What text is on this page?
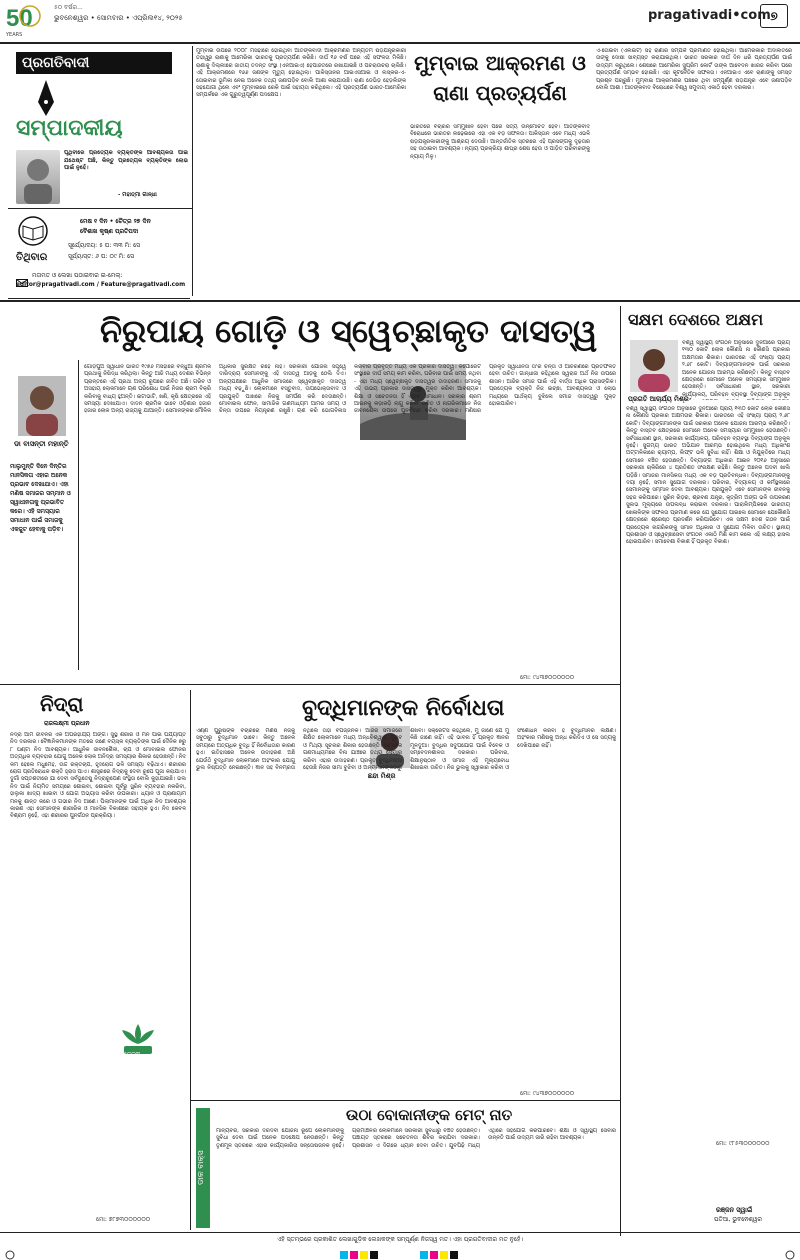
50
YEARS
୫୦ ବର୍ଷର...
ଭୁବନେଶ୍ୱର • ସୋମବାର • ଏପ୍ରିଲ୧୪, ୨୦୨୫	pragativadi•com ୭
ପ୍ରଗତିବାଦୀ
ସମ୍ପାଦକୀୟ
ପୃଥିବୀରେ ପ୍ରତ୍ୟେକ ବ୍ୟକ୍ତିଙ୍କ ଆବଶ୍ୟକତା ପାଇଁ ଯଥେଷ୍ଟ ଅଛି, କିନ୍ତୁ ପ୍ରତ୍ୟେକ ବ୍ୟକ୍ତିଙ୍କ ଲୋଭ ପାଇଁ ନୁହେଁ।
- ମହାତ୍ମା ଗାନ୍ଧୀ
ତିଥିବାର
ମେଷ ୧ ଦିନ • ଚୈତ୍ର ୨୭ ଦିନ
ବୈଶାଖ କୃଷ୍ଣ ପ୍ରତିପଦା
ସୂର୍ଯ୍ୟୋଦୟ: ୫ ଘ: ୩୩ ମି: ସେ
ସୂର୍ଯ୍ୟାସ୍ତ: ୬ ଘ: ୦୯ ମି: ସେ
ମତାମତ ଓ ଲେଖା ପଠାଇବାର ଇ-ମେଲ୍:
editor@pragativadi.com / Feature@pragativadi.com
ମୁମ୍ବାଇ ଉପରେ ୨୦୦୮ ମସିହାରେ ହୋଇଥିବା ଆତଙ୍କବାଦୀ ଆକ୍ରମଣର ଅନ୍ୟତମ ଷଡ଼ଯନ୍ତ୍ରକାରୀ ତହାୱୁର ରାଣାକୁ ଆମେରିକା ଭାରତକୁ ପ୍ରତ୍ୟର୍ପଣ କରିଛି। ଦୀର୍ଘ ୧୬ ବର୍ଷ ପରେ ଏହି ସଫଳତା ମିଳିଛି। ରାଣାକୁ ଦିଲ୍ଲୀରେ ଜାତୀୟ ତଦନ୍ତ ସଂସ୍ଥା (ଏନଆଇଏ) ହେପାଜତରେ ରଖାଯାଇଛି ଓ ପଚରାଉଚରା ଚାଲିଛି। ଏହି ଆକ୍ରମଣରେ ୧୬୬ ଜଣଙ୍କ ମୃତ୍ୟୁ ହୋଇଥିଲା। ପାକିସ୍ତାନର ଆଇଏସଆଇ ଓ ଲସ୍କର-ଏ-ତୋଇବାର ଭୂମିକା ନେଇ ଅନେକ ତଥ୍ୟ ଜଣାପଡ଼ିବ ବୋଲି ଆଶା କରାଯାଉଛି। ରାଣା ଡେଭିଡ଼ ହେଡ଼ଲିଙ୍କ ସହଯୋଗୀ ଥିଲେ ଏବଂ ମୁମ୍ବାଇରେ ରେକି ପାଇଁ ସହାୟତା କରିଥିଲେ। ଏହି ପ୍ରତ୍ୟର୍ପଣ ଭାରତ-ଆମେରିକା ସମ୍ପର୍କରେ ଏକ ଗୁରୁତ୍ୱପୂର୍ଣ୍ଣ ପଦକ୍ଷେପ।
ମୁମ୍ବାଇ ଆକ୍ରମଣ ଓ
ରାଣା ପ୍ରତ୍ୟର୍ପଣ
ଭାରତରେ ବିଚାରର ସମ୍ମୁଖୀନ ହେବା ପରେ ସତ୍ୟ ଉନ୍ମୋଚିତ ହେବ। ଆତଙ୍କବାଦ ବିରୋଧରେ ଭାରତର ଲଢ଼େଇରେ ଏହା ଏକ ବଡ଼ ସଫଳତା। ପାକିସ୍ତାନ ଏବେ ମଧ୍ୟ ଏଭଳି ଷଡ଼ଯନ୍ତ୍ରକାରୀଙ୍କୁ ଆଶ୍ରୟ ଦେଉଛି। ଆନ୍ତର୍ଜାତିକ ସ୍ତରରେ ଏହି ପ୍ରସଙ୍ଗକୁ ଦୃଢ଼ତାର ସହ ଉଠାଇବା ଆବଶ୍ୟକ। ନ୍ୟାୟ ପ୍ରକ୍ରିୟା ଶୀଘ୍ର ଶେଷ ହେଉ ଓ ପୀଡ଼ିତ ପରିବାରଙ୍କୁ ନ୍ୟାୟ ମିଳୁ।
ଏ-ତୋଇବା (ଏଲଇଟି) ସହ ରାଣାର ସମ୍ପର୍କ ପ୍ରମାଣିତ ହୋଇଥିଲା। ଆମେରିକାର ଅଦାଲତରେ ତାଙ୍କୁ ଦୋଷୀ ସାବ୍ୟସ୍ତ କରାଯାଇଥିଲା। ଭାରତ ସରକାର ଦୀର୍ଘ ଦିନ ଧରି ପ୍ରତ୍ୟର୍ପଣ ପାଇଁ ଉଦ୍ୟମ କରୁଥିଲେ। ଶେଷରେ ଆମେରିକା ସୁପ୍ରିମ କୋର୍ଟ ତାଙ୍କ ଆବେଦନ ଖାରଜ କରିବା ପରେ ପ୍ରତ୍ୟର୍ପଣ ସମ୍ଭବ ହୋଇଛି। ଏହା କୂଟନୈତିକ ସଫଳତା। ଏନଆଇଏ ଏବେ ରାଣାଙ୍କୁ ସମସ୍ତ ପ୍ରଶ୍ନ ପଚାରୁଛି। ମୁମ୍ବାଇ ଆକ୍ରମଣର ପଛରେ ଥିବା ସମ୍ପୂର୍ଣ୍ଣ ଷଡ଼ଯନ୍ତ୍ର ଏବେ ଜଣାପଡ଼ିବ ବୋଲି ଆଶା। ଆତଙ୍କବାଦ ବିରୋଧରେ ବିଶ୍ୱ ସମୁଦାୟ ଏକାଠି ହେବା ଦରକାର।
ନିରୁପାୟ ଗୋଡ଼ି ଓ ସ୍ୱେଚ୍ଛାକୃତ ଦାସତ୍ୱ
ଡା ବାସନ୍ତୀ ମହାନ୍ତି
ମାଲୁମୁନ୍ତି ଦିନେ ଦିନ୍ତିର ମାନସିକତା ଏହାର ଅନେକ ପ୍ରଭାବ ଦେଖାଯାଏ। ଏହା ମଣିଷ ସମାଜର ସମ୍ମାନ ଓ ସ୍ୱାଧୀନତାକୁ ପ୍ରଭାବିତ କରେ। ଏହି ସମସ୍ୟାର ସମାଧାନ ପାଇଁ ସମାଜକୁ ଏକଜୁଟ ହେବାକୁ ପଡ଼ିବ।

ଗୋଡ଼ିପୁଅ ସ୍ୱାଧୀନ ଭାରତ ୧୯୭୬ ମସିହାରେ ବନ୍ଧୁଆ ଶ୍ରମିକ ପ୍ରଥାକୁ ନିଷିଦ୍ଧ କରିଥିଲା। କିନ୍ତୁ ଆଜି ମଧ୍ୟ ଦେଶର ବିଭିନ୍ନ ପ୍ରାନ୍ତରେ ଏହି ପ୍ରଥା ଅନ୍ୟ ରୂପରେ ଜୀବିତ ଅଛି। ଗରିବ ଓ ଅସହାୟ ଲୋକମାନେ ଋଣ ପରିଶୋଧ ପାଇଁ ନିଜର ଶ୍ରମ ବିକ୍ରି କରିବାକୁ ବାଧ୍ୟ ହୁଅନ୍ତି। ଇଟାଭାଟି, ଖଣି, କୃଷି କ୍ଷେତ୍ରରେ ଏହି ସମସ୍ୟା ଦେଖାଯାଏ। ଦାଦନ ଶ୍ରମିକ ଭାବେ ଓଡ଼ିଶାର ହଜାର ହଜାର ଲୋକ ଅନ୍ୟ ରାଜ୍ୟକୁ ଯାଆନ୍ତି। ସେମାନଙ୍କର ମୌଳିକ ଅଧିକାର ସୁରକ୍ଷିତ ରହେ ନାହିଁ। ସରକାରୀ ଯୋଜନା ସତ୍ତ୍ୱେ ଦାରିଦ୍ର୍ୟ ସେମାନଙ୍କୁ ଏହି ଦାସତ୍ୱ ଆଡ଼କୁ ଠେଲି ଦିଏ। ଅନ୍ୟପକ୍ଷରେ ଆଧୁନିକ ସମାଜରେ ସ୍ୱେଚ୍ଛାକୃତ ଦାସତ୍ୱ ମଧ୍ୟ ବଢ଼ୁଛି। ଲୋକମାନେ ବସ୍ତୁବାଦ, ଉପଭୋକ୍ତାବାଦ ଓ ପ୍ରଯୁକ୍ତି ପାଖରେ ନିଜକୁ ସମର୍ପଣ କରି ଦେଉଛନ୍ତି। ମୋବାଇଲ ଫୋନ, ସାମାଜିକ ଗଣମାଧ୍ୟମ ଆମର ସମୟ ଓ ଚିନ୍ତା ଉପରେ ନିୟନ୍ତ୍ରଣ ରଖୁଛି। ଋଣ କରି ଭୋଗବିଳାସ କରିବାର ପ୍ରବୃତ୍ତି ମଧ୍ୟ ଏକ ପ୍ରକାର ଦାସତ୍ୱ। କର୍ପୋରେଟ ସଂସ୍ଥାରେ ଦୀର୍ଘ ସମୟ କାମ କରିବା, ପରିବାର ପାଇଁ ସମୟ ନଥିବା - ଏହା ମଧ୍ୟ ସ୍ୱେଚ୍ଛାକୃତ ଦାସତ୍ୱର ଉଦାହରଣ। ସମାଜକୁ ଏହି ଉଭୟ ପ୍ରକାର ଦାସତ୍ୱରୁ ମୁକ୍ତ କରିବା ଆବଶ୍ୟକ। ଶିକ୍ଷା ଓ ସଚେତନତା ହିଁ ଏହାର ସମାଧାନ। ସରକାର ଶ୍ରମ ଆଇନକୁ କଡ଼ାକଡ଼ି ଲାଗୁ କରିବା ଉଚିତ ଓ ନାଗରିକମାନେ ନିଜ ଜୀବନଶୈଳୀ ଉପରେ ପୁନର୍ବିଚାର କରିବା ଦରକାର। ମଣିଷର ପ୍ରକୃତ ସ୍ୱାଧୀନତା ତା'ର ଚିନ୍ତା ଓ ଆଚରଣରେ ପ୍ରତିଫଳିତ ହେବା ଉଚିତ। ଗାନ୍ଧୀଜୀ କହିଥିଲେ ସ୍ୱରାଜ ଅର୍ଥ ନିଜ ଉପରେ ଶାସନ। ଆଜିର ସମାଜ ପାଇଁ ଏହି ବାର୍ତ୍ତା ଅଧିକ ପ୍ରାସଙ୍ଗିକ। ପ୍ରତ୍ୟେକ ବ୍ୟକ୍ତି ନିଜ ଇଚ୍ଛା, ଆବଶ୍ୟକତା ଓ ଲୋଭ ମଧ୍ୟରେ ପାର୍ଥକ୍ୟ ବୁଝିଲେ ସମାଜ ଦାସତ୍ୱରୁ ମୁକ୍ତ ହୋଇପାରିବ।

ମୋ: ୯୪୩୭୦୦୦୦୦୦
ସକ୍ଷମ ଦେଶରେ ଅକ୍ଷମ
ପ୍ରଗତି ଆଚାର୍ଯ୍ୟ ମିଶ୍ର
ବିଶ୍ୱ ସ୍ୱାସ୍ଥ୍ୟ ସଂଗଠନ ଅନୁସାରେ ଦୁନିଆରେ ପ୍ରାୟ ୧୩୦ କୋଟି ଲୋକ କୌଣସି ନା କୌଣସି ପ୍ରକାର ଅକ୍ଷମତାର ଶିକାର। ଭାରତରେ ଏହି ସଂଖ୍ୟା ପ୍ରାୟ ୨.୬୮ କୋଟି। ଦିବ୍ୟାଙ୍ଗମାନଙ୍କ ପାଇଁ ସରକାର ଅନେକ ଯୋଜନା ଆରମ୍ଭ କରିଛନ୍ତି। କିନ୍ତୁ ବାସ୍ତବ କ୍ଷେତ୍ରରେ ସେମାନେ ଅନେକ ସମସ୍ୟାର ସମ୍ମୁଖୀନ ହେଉଛନ୍ତି। ସର୍ବସାଧାରଣ ସ୍ଥାନ, ସରକାରୀ କାର୍ଯ୍ୟାଳୟ, ପରିବହନ ବ୍ୟବସ୍ଥା ଦିବ୍ୟାଙ୍ଗ ଅନୁକୂଳ

ବିଶ୍ୱ ସ୍ୱାସ୍ଥ୍ୟ ସଂଗଠନ ଅନୁସାରେ ଦୁନିଆରେ ପ୍ରାୟ ୧୩୦ କୋଟି ଲୋକ କୌଣସି ନା କୌଣସି ପ୍ରକାର ଅକ୍ଷମତାର ଶିକାର। ଭାରତରେ ଏହି ସଂଖ୍ୟା ପ୍ରାୟ ୨.୬୮ କୋଟି। ଦିବ୍ୟାଙ୍ଗମାନଙ୍କ ପାଇଁ ସରକାର ଅନେକ ଯୋଜନା ଆରମ୍ଭ କରିଛନ୍ତି। କିନ୍ତୁ ବାସ୍ତବ କ୍ଷେତ୍ରରେ ସେମାନେ ଅନେକ ସମସ୍ୟାର ସମ୍ମୁଖୀନ ହେଉଛନ୍ତି। ସର୍ବସାଧାରଣ ସ୍ଥାନ, ସରକାରୀ କାର୍ଯ୍ୟାଳୟ, ପରିବହନ ବ୍ୟବସ୍ଥା ଦିବ୍ୟାଙ୍ଗ ଅନୁକୂଳ ନୁହେଁ। ସୁଗମ୍ୟ ଭାରତ ଅଭିଯାନ ଆରମ୍ଭ ହୋଇଥିଲେ ମଧ୍ୟ ଅଧିକାଂଶ ଅଟ୍ଟାଳିକାରେ ର‍୍ୟାମ୍ପ, ଲିଫ୍ଟ ଭଳି ସୁବିଧା ନାହିଁ। ଶିକ୍ଷା ଓ ନିଯୁକ୍ତିରେ ମଧ୍ୟ ସେମାନେ ବଞ୍ଚିତ ହେଉଛନ୍ତି। ଦିବ୍ୟାଙ୍ଗ ଅଧିକାର ଆଇନ ୨୦୧୬ ଅନୁସାରେ ସରକାରୀ ଚାକିରିରେ ୪ ପ୍ରତିଶତ ସଂରକ୍ଷଣ ରହିଛି। କିନ୍ତୁ ଅନେକ ପଦବୀ ଖାଲି ପଡ଼ିଛି। ସମାଜର ମାନସିକତା ମଧ୍ୟ ଏକ ବଡ଼ ପ୍ରତିବନ୍ଧକ। ଦିବ୍ୟାଙ୍ଗମାନଙ୍କୁ ଦୟା ନୁହେଁ, ସମାନ ସୁଯୋଗ ଦରକାର। ପରିବାର, ବିଦ୍ୟାଳୟ ଓ କର୍ମସ୍ଥଳୀରେ ସେମାନଙ୍କୁ ସମ୍ମାନ ଦେବା ଆବଶ୍ୟକ। ପ୍ରଯୁକ୍ତି ଏବେ ସେମାନଙ୍କ ଜୀବନକୁ ସହଜ କରିପାରେ। ସ୍କ୍ରିନ ରିଡ଼ର, ଶ୍ରବଣ ଯନ୍ତ୍ର, କୃତ୍ରିମ ଅଙ୍ଗ ଭଳି ଉପକରଣ ସୁଲଭ ମୂଲ୍ୟରେ ଉପଲବ୍ଧ କରାଇବା ଦରକାର। ପାରାଲିମ୍ପିକରେ ଭାରତୀୟ ଖେଳାଳିଙ୍କ ସଫଳତା ପ୍ରମାଣ କରେ ଯେ ସୁଯୋଗ ପାଇଲେ ସେମାନେ ଯେକୌଣସି କ୍ଷେତ୍ରରେ ଶ୍ରେଷ୍ଠ ପ୍ରଦର୍ଶନ କରିପାରିବେ। ଏକ ସକ୍ଷମ ଦେଶ ଗଠନ ପାଇଁ ପ୍ରତ୍ୟେକ ନାଗରିକଙ୍କୁ ସମାନ ଅଧିକାର ଓ ସୁଯୋଗ ମିଳିବା ଉଚିତ। ସ୍ଥାନୀୟ ପ୍ରଶାସନ ଓ ସ୍ୱେଚ୍ଛାସେବୀ ସଂଗଠନ ଏକାଠି ମିଶି କାମ କଲେ ଏହି ଲକ୍ଷ୍ୟ ହାସଲ ହୋଇପାରିବ। ସମାବେଶୀ ବିକାଶ ହିଁ ପ୍ରକୃତ ବିକାଶ।

ମୋ: ୯୮୫୩୦୦୦୦୦୦
ନିଦ୍ରା
ରାଜଲକ୍ଷ୍ମୀ ପ୍ରଧାନ

ନିଦ୍ରା ଆମ ଜୀବନର ଏକ ଅପରିହାର୍ଯ୍ୟ ଅଙ୍ଗ। ସୁସ୍ଥ ଶରୀର ଓ ମନ ପାଇଁ ପର୍ଯ୍ୟାପ୍ତ ନିଦ ଦରକାର। ବୈଜ୍ଞାନିକମାନଙ୍କ ମତରେ ଜଣେ ବୟସ୍କ ବ୍ୟକ୍ତିଙ୍କ ପାଇଁ ଦୈନିକ ୭ରୁ ୮ ଘଣ୍ଟା ନିଦ ଆବଶ୍ୟକ। ଆଧୁନିକ ଜୀବନଶୈଳୀ, ଚାପ ଓ ମୋବାଇଲ ଫୋନର ଅତ୍ୟଧିକ ବ୍ୟବହାର ଯୋଗୁ ଅନେକ ଲୋକ ଅନିଦ୍ରା ସମସ୍ୟାର ଶିକାର ହେଉଛନ୍ତି। ନିଦ କମ ହେଲେ ମଧୁମେହ, ଉଚ୍ଚ ରକ୍ତଚାପ, ହୃଦରୋଗ ଭଳି ସମସ୍ୟା ବଢ଼ିଥାଏ। ଶରୀରର ରୋଗ ପ୍ରତିରୋଧକ ଶକ୍ତି ହ୍ରାସ ପାଏ। ଶାସ୍ତ୍ରରେ ନିଦ୍ରାକୁ ଦେବୀ ରୂପେ ପୂଜା କରାଯାଏ। ଦୁର୍ଗା ସପ୍ତଶତୀରେ ଯା ଦେବୀ ସର୍ବଭୂତେଷୁ ନିଦ୍ରାରୂପେଣ ସଂସ୍ଥିତା ବୋଲି କୁହାଯାଇଛି। ଭଲ ନିଦ ପାଇଁ ନିୟମିତ ସମୟରେ ଶୋଇବା, ଶୋଇବା ପୂର୍ବରୁ ସ୍କ୍ରିନ ବ୍ୟବହାର ନକରିବା, ହାଲୁକା ଖାଦ୍ୟ ଖାଇବା ଓ ଯୋଗ ଅଭ୍ୟାସ କରିବା ଉପକାରୀ। ଧ୍ୟାନ ଓ ପ୍ରାଣାୟାମ ମନକୁ ଶାନ୍ତ କରେ ଓ ଗଭୀର ନିଦ ଆଣେ। ପିଲାମାନଙ୍କ ପାଇଁ ଅଧିକ ନିଦ ଆବଶ୍ୟକ କାରଣ ଏହା ସେମାନଙ୍କ ଶାରୀରିକ ଓ ମାନସିକ ବିକାଶରେ ସହାୟକ ହୁଏ। ନିଦ କେବଳ ବିଶ୍ରାମ ନୁହେଁ, ଏହା ଶରୀରର ପୁନର୍ଗଠନ ପ୍ରକ୍ରିୟା।

ଚେତନା
ମୋ: ୭୮୭୩୦୦୦୦୦୦
ବୁଦ୍ଧିମାନଙ୍କ ନିର୍ବୋଧତା
ଛନ୍ଦା ମିଶ୍ର

ଏଣ୍ଣ ପୁରୁଷଙ୍କ ବିଚାରରେ ମଣିଷ ନିଜକୁ ସବୁଠାରୁ ବୁଦ୍ଧିମାନ ଭାବେ। କିନ୍ତୁ ଅନେକ ସମୟରେ ଅତ୍ୟଧିକ ବୁଦ୍ଧି ହିଁ ନିର୍ବୋଧତାର କାରଣ ହୁଏ। ଇତିହାସରେ ଅନେକ ଉଦାହରଣ ଅଛି ଯେଉଁଠି ବୁଦ୍ଧିମାନ ଲୋକମାନେ ଅହଂକାର ଯୋଗୁ ଭୁଲ ନିଷ୍ପତ୍ତି ନେଇଛନ୍ତି। ଜ୍ଞାନ ସହ ବିନମ୍ରତା ନଥିଲେ ତାହା ବିପଜ୍ଜନକ। ଆଜିର ସମାଜରେ ଶିକ୍ଷିତ ଲୋକମାନେ ମଧ୍ୟ ଅନ୍ଧବିଶ୍ୱାସ, ଗୁଜବ ଓ ମିଥ୍ୟା ସୂଚନାର ଶିକାର ହେଉଛନ୍ତି। ସାମାଜିକ ଗଣମାଧ୍ୟମରେ ବିନା ଯାଞ୍ଚରେ ତଥ୍ୟ ସେୟାର କରିବା ଏହାର ଉଦାହରଣ। ପ୍ରକୃତ ବୁଦ୍ଧିମତ୍ତା ହେଉଛି ନିଜର ସୀମା ବୁଝିବା ଓ ଅନ୍ୟମାନଙ୍କଠାରୁ ଶିଖିବା। ସକ୍ରେଟିସ କହିଥିଲେ, ମୁଁ ଜାଣେ ଯେ ମୁଁ କିଛି ଜାଣେ ନାହିଁ। ଏହି ଭାବନା ହିଁ ପ୍ରକୃତ ଜ୍ଞାନର ମୂଳଦୁଆ। ବୁଦ୍ଧିର ସଦୁପଯୋଗ ପାଇଁ ବିବେକ ଓ ସମ୍ବେଦନଶୀଳତା ଦରକାର। ପରିବାର, ଶିକ୍ଷାନୁଷ୍ଠାନ ଓ ସମାଜ ଏହି ମୂଲ୍ୟବୋଧ ଶିଖାଇବା ଉଚିତ। ନିଜ ଭୁଲକୁ ସ୍ୱୀକାର କରିବା ଓ ସଂଶୋଧନ କରିବା ହିଁ ବୁଦ୍ଧିମାନର ଲକ୍ଷଣ। ଅହଂକାର ମଣିଷକୁ ଅନ୍ଧ କରିଦିଏ ଓ ସେ ସତ୍ୟକୁ ଦେଖିପାରେ ନାହିଁ।

ମୋ: ୯୪୩୭୦୦୦୦୦୦
ଡାକ ବାକ୍ସ
ଉଠା ବୋକାନୀଙ୍କ ମେଟ୍ ନାତ

ମାନ୍ୟବର, ସରକାର ଦରଦିବା ଯୋଜନା ରୂପେ ଲୋକମାନଙ୍କୁ ସୁବିଧା ଦେବା ପାଇଁ ଅନେକ ପଦକ୍ଷେପ ନେଉଛନ୍ତି। କିନ୍ତୁ ତୃଣମୂଳ ସ୍ତରରେ ଏହାର କାର୍ଯ୍ୟକାରିତା ସନ୍ତୋଷଜନକ ନୁହେଁ। ଗ୍ରାମାଞ୍ଚଳର ଲୋକମାନେ ସରକାରୀ ସୁବିଧାରୁ ବଞ୍ଚିତ ହେଉଛନ୍ତି। ପଞ୍ଚାୟତ ସ୍ତରରେ ସଚେତନତା ଶିବିର କରାଯିବା ଦରକାର। ପ୍ରଶାସନ ଏ ଦିଗରେ ଧ୍ୟାନ ଦେବା ଉଚିତ। ଯୁବପିଢ଼ି ମଧ୍ୟ ଏଥିରେ ସହଯୋଗ କରିପାରିବେ। ଶିକ୍ଷା ଓ ସ୍ୱାସ୍ଥ୍ୟ ସେବାର ଉନ୍ନତି ପାଇଁ ଉଦ୍ୟମ ଜାରି ରହିବା ଆବଶ୍ୟକ।

ରଞ୍ଜନ ସ୍ୱାଇଁ
ପତିଆ, ଭୁବନେଶ୍ୱର
ଏହି ସ୍ତମ୍ଭରେ ପ୍ରକାଶିତ ଲେଖାଗୁଡ଼ିକ ଲେଖକଙ୍କ ସମ୍ପୂର୍ଣ୍ଣ ନିଜସ୍ୱ ମତ। ଏହା ପ୍ରଗତିବାଦୀର ମତ ନୁହେଁ।
